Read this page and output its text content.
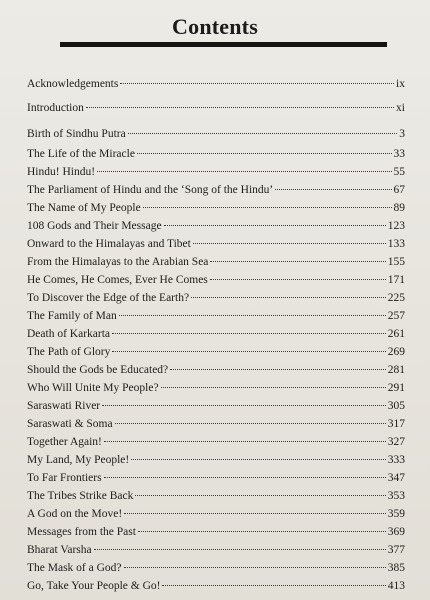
Contents
Acknowledgements	ix
Introduction	xi
Birth of Sindhu Putra	3
The Life of the Miracle	33
Hindu! Hindu!	55
The Parliament of Hindu and the ‘Song of the Hindu’	67
The Name of My People	89
108 Gods and Their Message	123
Onward to the Himalayas and Tibet	133
From the Himalayas to the Arabian Sea	155
He Comes, He Comes, Ever He Comes	171
To Discover the Edge of the Earth?	225
The Family of Man	257
Death of Karkarta	261
The Path of Glory	269
Should the Gods be Educated?	281
Who Will Unite My People?	291
Saraswati River	305
Saraswati & Soma	317
Together Again!	327
My Land, My People!	333
To Far Frontiers	347
The Tribes Strike Back	353
A God on the Move!	359
Messages from the Past	369
Bharat Varsha	377
The Mask of a God?	385
Go, Take Your People & Go!	413
